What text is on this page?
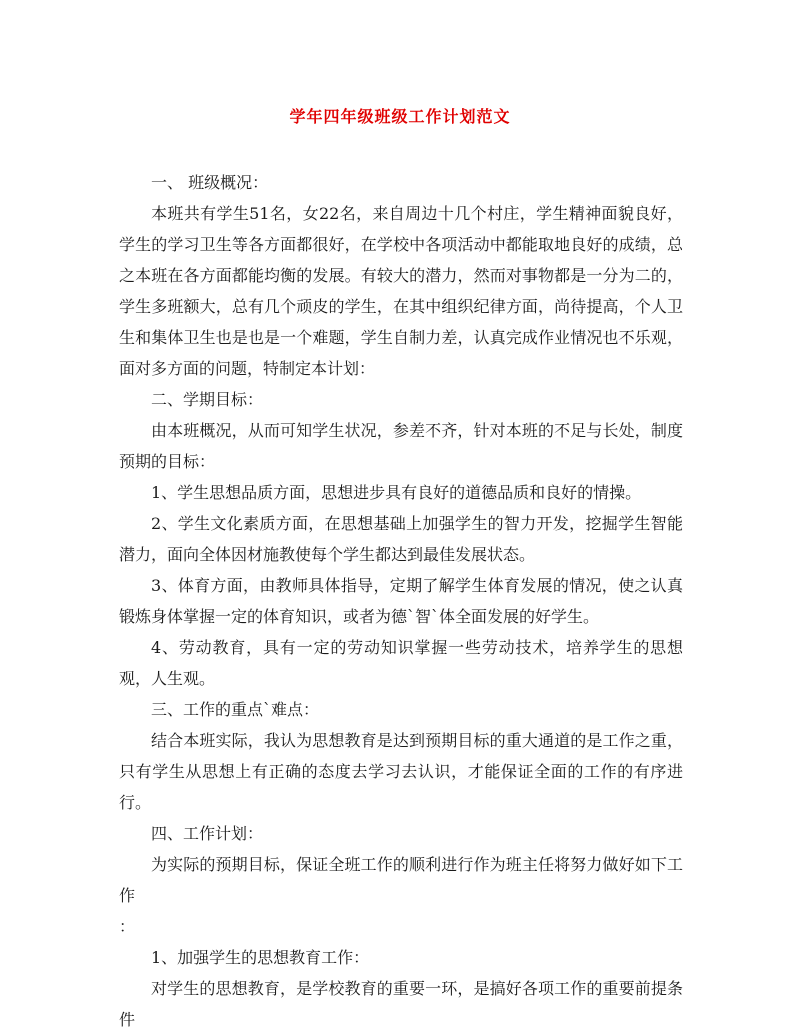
学年四年级班级工作计划范文

一、 班级概况：

本班共有学生51名，女22名，来自周边十几个村庄，学生精神面貌良好，学生的学习卫生等各方面都很好，在学校中各项活动中都能取地良好的成绩，总之本班在各方面都能均衡的发展。有较大的潜力，然而对事物都是一分为二的，学生多班额大，总有几个顽皮的学生，在其中组织纪律方面，尚待提高，个人卫生和集体卫生也是也是一个难题，学生自制力差，认真完成作业情况也不乐观，面对多方面的问题，特制定本计划：

二、学期目标：

由本班概况，从而可知学生状况，参差不齐，针对本班的不足与长处，制度预期的目标：

1、学生思想品质方面，思想进步具有良好的道德品质和良好的情操。

2、学生文化素质方面，在思想基础上加强学生的智力开发，挖掘学生智能潜力，面向全体因材施教使每个学生都达到最佳发展状态。

3、体育方面，由教师具体指导，定期了解学生体育发展的情况，使之认真锻炼身体掌握一定的体育知识，或者为德`智`体全面发展的好学生。

4、劳动教育，具有一定的劳动知识掌握一些劳动技术，培养学生的思想观，人生观。

三、工作的重点`难点：

结合本班实际，我认为思想教育是达到预期目标的重大通道的是工作之重，只有学生从思想上有正确的态度去学习去认识，才能保证全面的工作的有序进行。

四、工作计划：

为实际的预期目标，保证全班工作的顺利进行作为班主任将努力做好如下工作

：

1、加强学生的思想教育工作：

对学生的思想教育，是学校教育的重要一环，是搞好各项工作的重要前提条件
